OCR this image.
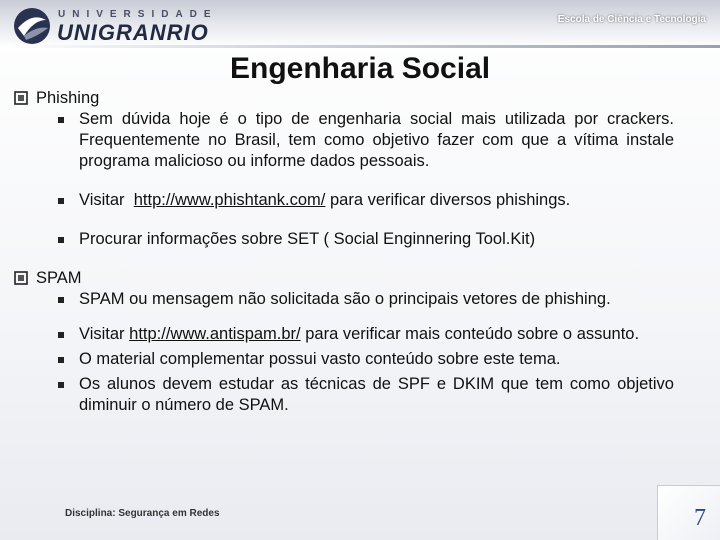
UNIVERSIDADE
UNIGRANRIO
Escola de Ciência e Tecnologia
Engenharia Social

Phishing

Sem dúvida hoje é o tipo de engenharia social mais utilizada por crackers. Frequentemente no Brasil, tem como objetivo fazer com que a vítima instale programa malicioso ou informe dados pessoais.

Visitar  http://www.phishtank.com/ para verificar diversos phishings.

Procurar informações sobre SET ( Social Enginnering Tool.Kit)

SPAM

SPAM ou mensagem não solicitada são o principais vetores de phishing.

Visitar http://www.antispam.br/ para verificar mais conteúdo sobre o assunto.

O material complementar possui vasto conteúdo sobre este tema.

Os alunos devem estudar as técnicas de SPF e DKIM que tem como objetivo diminuir o número de SPAM.

Disciplina: Segurança em Redes	7
